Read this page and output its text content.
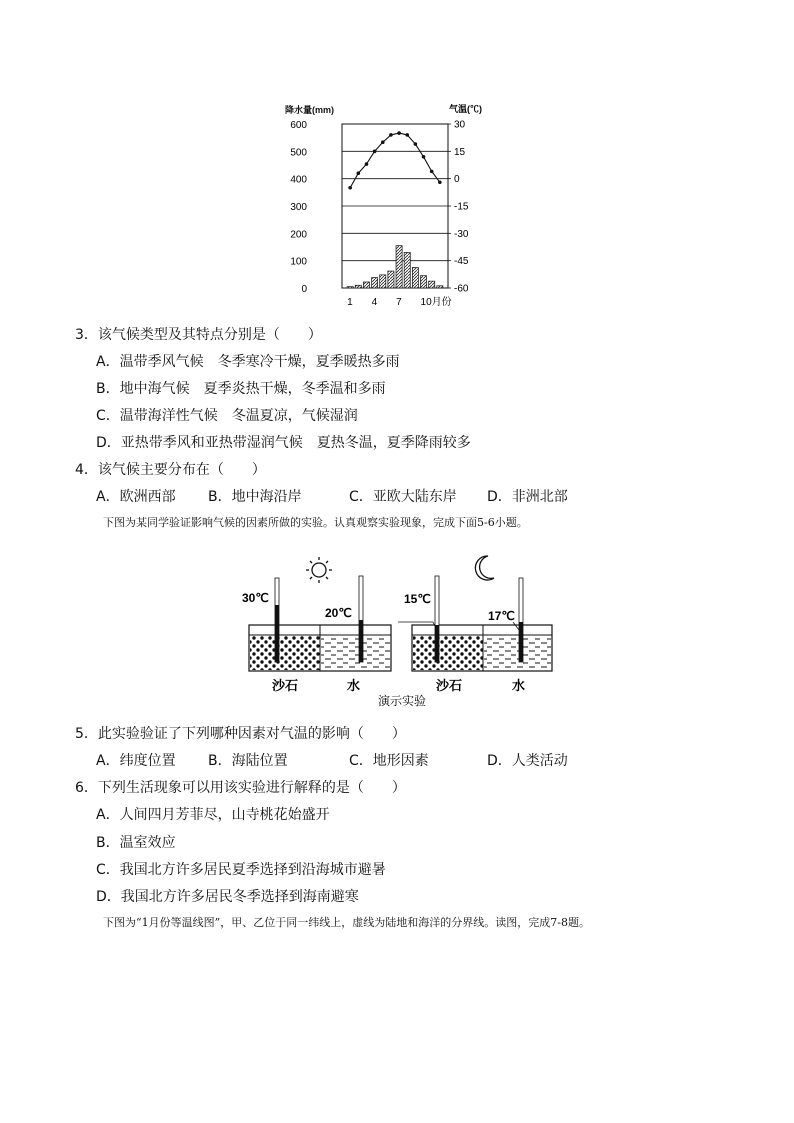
气温(℃)
30
15
0
-15
-30
-45
-60
1 4 7 10月份
0
100
200
300
400
500
600
降水量(mm)
3．该气候类型及其特点分别是（　　）
A．温带季风气候　冬季寒冷干燥，夏季暖热多雨
B．地中海气候　夏季炎热干燥，冬季温和多雨
C．温带海洋性气候　冬温夏凉，气候湿润
D．亚热带季风和亚热带湿润气候　夏热冬温，夏季降雨较多
4．该气候主要分布在（　　）
A．欧洲西部 B．地中海沿岸	C．亚欧大陆东岸 D．非洲北部
下图为某同学验证影响气候的因素所做的实验。认真观察实验现象，完成下面5-6小题。
30℃
20℃
15℃
17℃
沙石	水	沙石	水
演示实验
5．此实验验证了下列哪种因素对气温的影响（　　）
A．纬度位置 B．海陆位置	C．地形因素	D．人类活动
6．下列生活现象可以用该实验进行解释的是（　　）
A．人间四月芳菲尽，山寺桃花始盛开
B．温室效应
C．我国北方许多居民夏季选择到沿海城市避暑
D．我国北方许多居民冬季选择到海南避寒
下图为“1月份等温线图”，甲、乙位于同一纬线上，虚线为陆地和海洋的分界线。读图，完成7-8题。
